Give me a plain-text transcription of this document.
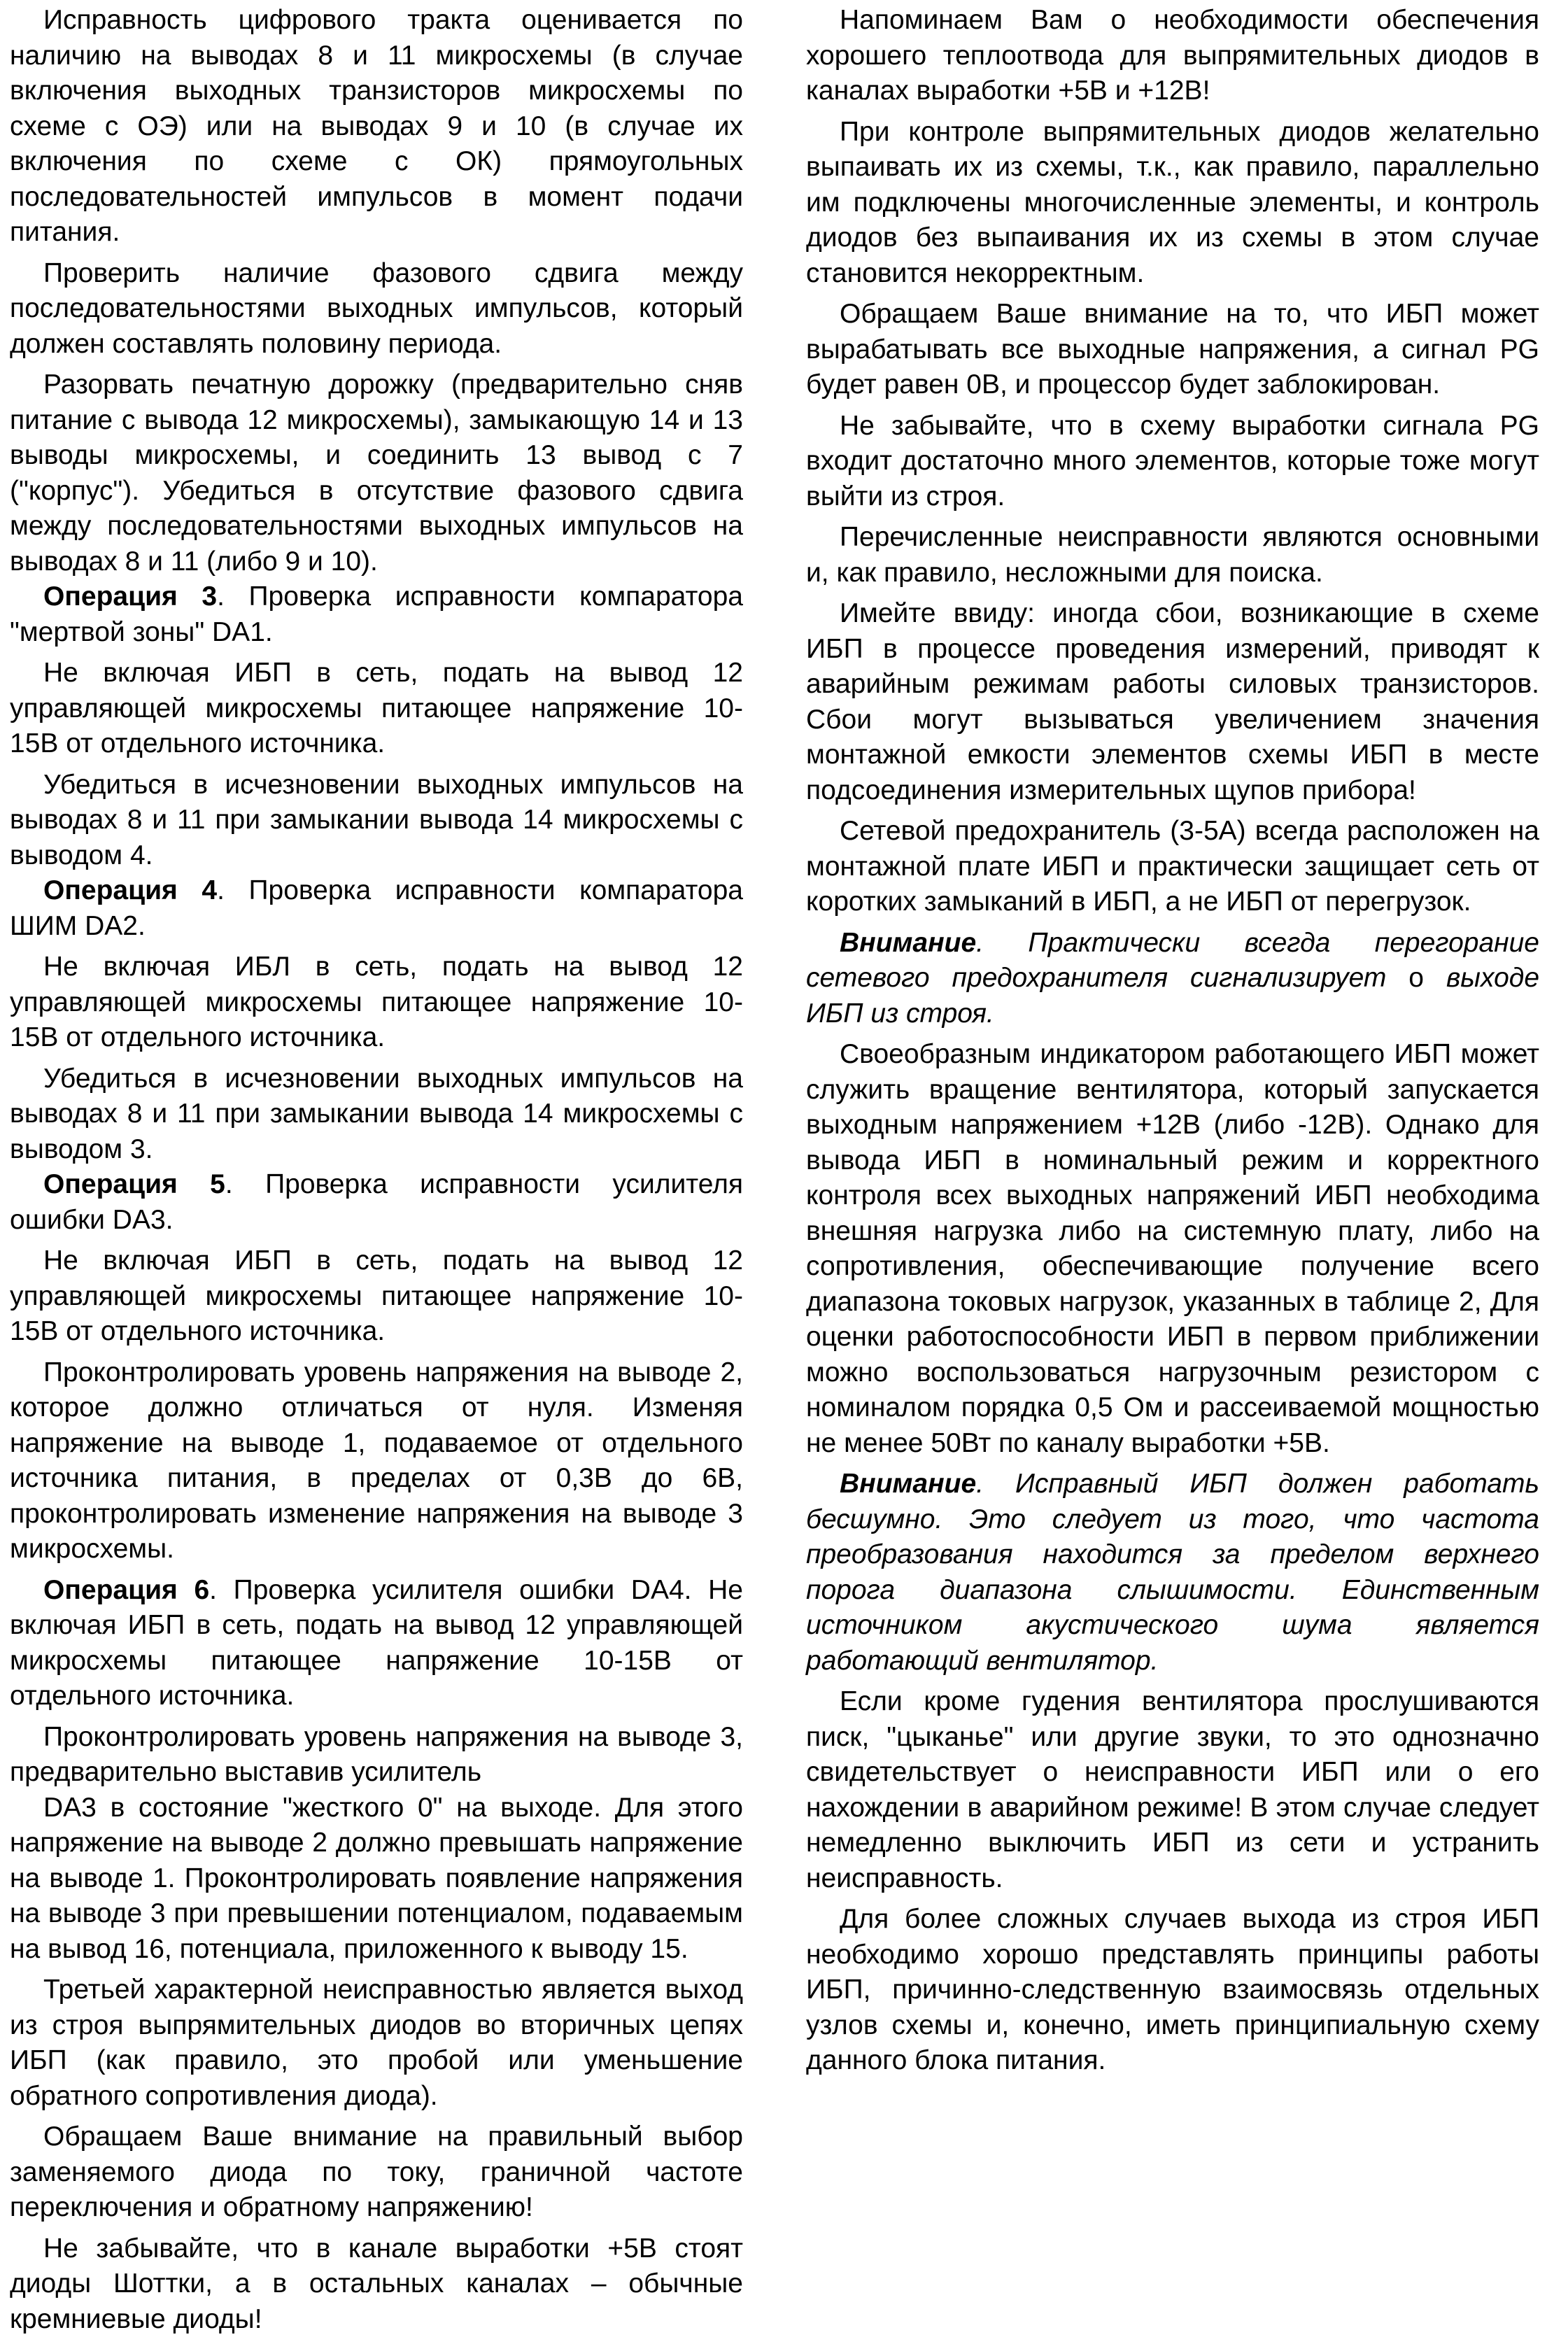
Исправность цифрового тракта оценивается по наличию на выводах 8 и 11 микросхемы (в случае включения выходных транзисторов микросхемы по схеме с ОЭ) или на выводах 9 и 10 (в случае их включения по схеме с ОК) прямоугольных последовательностей импульсов в момент подачи питания.

Проверить наличие фазового сдвига между последовательностями выходных импульсов, который должен составлять половину периода.

Разорвать печатную дорожку (предварительно сняв питание с вывода 12 микросхемы), замыкающую 14 и 13 выводы микросхемы, и соединить 13 вывод с 7 ("корпус"). Убедиться в отсутствие фазового сдвига между последовательностями выходных импульсов на выводах 8 и 11 (либо 9 и 10).

Операция 3. Проверка исправности компаратора "мертвой зоны" DA1.

Не включая ИБП в сеть, подать на вывод 12 управляющей микросхемы питающее напряжение 10-15В от отдельного источника.

Убедиться в исчезновении выходных импульсов на выводах 8 и 11 при замыкании вывода 14 микросхемы с выводом 4.

Операция 4. Проверка исправности компаратора ШИМ DA2.

Не включая ИБЛ в сеть, подать на вывод 12 управляющей микросхемы питающее напряжение 10-15В от отдельного источника.

Убедиться в исчезновении выходных импульсов на выводах 8 и 11 при замыкании вывода 14 микросхемы с выводом 3.

Операция 5. Проверка исправности усилителя ошибки DA3.

Не включая ИБП в сеть, подать на вывод 12 управляющей микросхемы питающее напряжение 10-15В от отдельного источника.

Проконтролировать уровень напряжения на выводе 2, которое должно отличаться от нуля. Изменяя напряжение на выводе 1, подаваемое от отдельного источника питания, в пределах от 0,3В до 6В, проконтролировать изменение напряжения на выводе 3 микросхемы.

Операция 6. Проверка усилителя ошибки DA4. Не включая ИБП в сеть, подать на вывод 12 управляющей микросхемы питающее напряжение 10-15В от отдельного источника.

Проконтролировать уровень напряжения на выводе 3, предварительно выставив усилитель

DA3 в состояние "жесткого 0" на выходе. Для этого напряжение на выводе 2 должно превышать напряжение на выводе 1. Проконтролировать появление напряжения на выводе 3 при превышении потенциалом, подаваемым на вывод 16, потенциала, приложенного к выводу 15.

Третьей характерной неисправностью является выход из строя выпрямительных диодов во вторичных цепях ИБП (как правило, это пробой или уменьшение обратного сопротивления диода).

Обращаем Ваше внимание на правильный выбор заменяемого диода по току, граничной частоте переключения и обратному напряжению!

Не забывайте, что в канале выработки +5В стоят диоды Шоттки, а в остальных каналах – обычные кремниевые диоды!

Напоминаем Вам о необходимости обеспечения хорошего теплоотвода для выпрямительных диодов в каналах выработки +5В и +12В!

При контроле выпрямительных диодов желательно выпаивать их из схемы, т.к., как правило, параллельно им подключены многочисленные элементы, и контроль диодов без выпаивания их из схемы в этом случае становится некорректным.

Обращаем Ваше внимание на то, что ИБП может вырабатывать все выходные напряжения, а сигнал PG будет равен 0В, и процессор будет заблокирован.

Не забывайте, что в схему выработки сигнала PG входит достаточно много элементов, которые тоже могут выйти из строя.

Перечисленные неисправности являются основными и, как правило, несложными для поиска.

Имейте ввиду: иногда сбои, возникающие в схеме ИБП в процессе проведения измерений, приводят к аварийным режимам работы силовых транзисторов. Сбои могут вызываться увеличением значения монтажной емкости элементов схемы ИБП в месте подсоединения измерительных щупов прибора!

Сетевой предохранитель (3-5А) всегда расположен на монтажной плате ИБП и практически защищает сеть от коротких замыканий в ИБП, а не ИБП от перегрузок.

Внимание. Практически всегда перегорание сетевого предохранителя сигнализирует о выходе ИБП из строя.

Своеобразным индикатором работающего ИБП может служить вращение вентилятора, который запускается выходным напряжением +12В (либо -12В). Однако для вывода ИБП в номинальный режим и корректного контроля всех выходных напряжений ИБП необходима внешняя нагрузка либо на системную плату, либо на сопротивления, обеспечивающие получение всего диапазона токовых нагрузок, указанных в таблице 2, Для оценки работоспособности ИБП в первом приближении можно воспользоваться нагрузочным резистором с номиналом порядка 0,5 Ом и рассеиваемой мощностью не менее 50Вт по каналу выработки +5В.

Внимание. Исправный ИБП должен работать бесшумно. Это следует из того, что частота преобразования находится за пределом верхнего порога диапазона слышимости. Единственным источником акустического шума является работающий вентилятор.

Если кроме гудения вентилятора прослушиваются писк, "цыканье" или другие звуки, то это однозначно свидетельствует о неисправности ИБП или о его нахождении в аварийном режиме! В этом случае следует немедленно выключить ИБП из сети и устранить неисправность.

Для более сложных случаев выхода из строя ИБП необходимо хорошо представлять принципы работы ИБП, причинно-следственную взаимосвязь отдельных узлов схемы и, конечно, иметь принципиальную схему данного блока питания.
